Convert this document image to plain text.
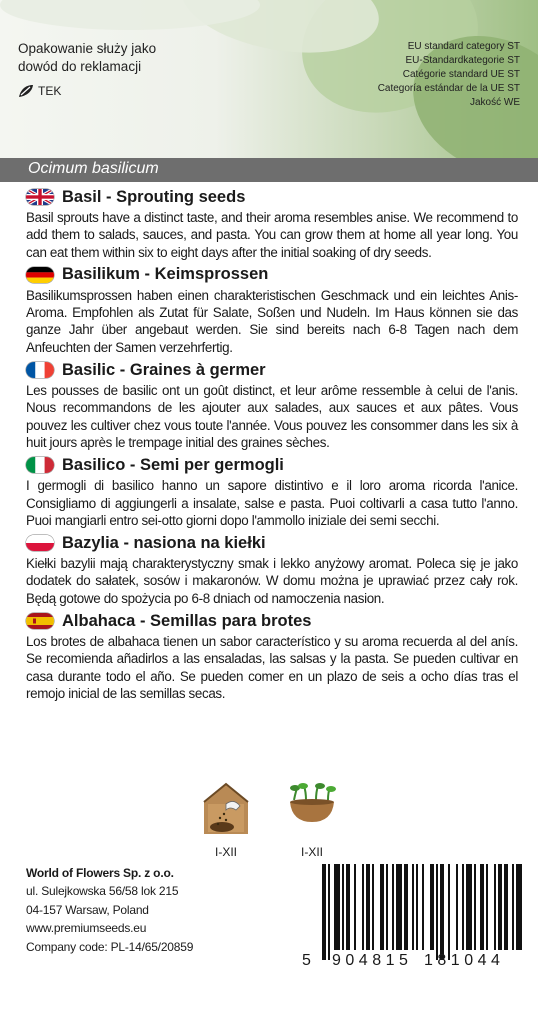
Opakowanie służy jako
dowód do reklamacji
TEK
EU standard category ST
EU-Standardkategorie ST
Catégorie standard UE ST
Categoría estándar de la UE ST
Jakość WE
Ocimum basilicum
Basil - Sprouting seeds
Basil sprouts have a distinct taste, and their aroma resembles anise. We recommend to add them to salads, sauces, and pasta. You can grow them at home all year long. You can eat them within six to eight days after the initial soaking of dry seeds.
Basilikum - Keimsprossen
Basilikumsprossen haben einen charakteristischen Geschmack und ein leichtes Anis-Aroma. Empfohlen als Zutat für Salate, Soßen und Nudeln. Im Haus können sie das ganze Jahr über angebaut werden. Sie sind bereits nach 6-8 Tagen nach dem Anfeuchten der Samen verzehrfertig.
Basilic - Graines à germer
Les pousses de basilic ont un goût distinct, et leur arôme ressemble à celui de l'anis. Nous recommandons de les ajouter aux salades, aux sauces et aux pâtes. Vous pouvez les cultiver chez vous toute l'année. Vous pouvez les consommer dans les six à huit jours après le trempage initial des graines sèches.
Basilico - Semi per germogli
I germogli di basilico hanno un sapore distintivo e il loro aroma ricorda l'anice. Consigliamo di aggiungerli a insalate, salse e pasta. Puoi coltivarli a casa tutto l'anno. Puoi mangiarli entro sei-otto giorni dopo l'ammollo iniziale dei semi secchi.
Bazylia - nasiona na kiełki
Kiełki bazylii mają charakterystyczny smak i lekko anyżowy aromat. Poleca się je jako dodatek do sałatek, sosów i makaronów. W domu można je uprawiać przez cały rok. Będą gotowe do spożycia po 6-8 dniach od namoczenia nasion.
Albahaca - Semillas para brotes
Los brotes de albahaca tienen un sabor característico y su aroma recuerda al del anís. Se recomienda añadirlos a las ensaladas, las salsas y la pasta. Se pueden cultivar en casa durante todo el año. Se pueden comer en un plazo de seis a ocho días tras el remojo inicial de las semillas secas.
I-XII	I-XII
World of Flowers Sp. z o.o.
ul. Sulejkowska 56/58 lok 215
04-157 Warsaw, Poland
www.premiumseeds.eu
Company code: PL-14/65/20859
5 904815 181044
